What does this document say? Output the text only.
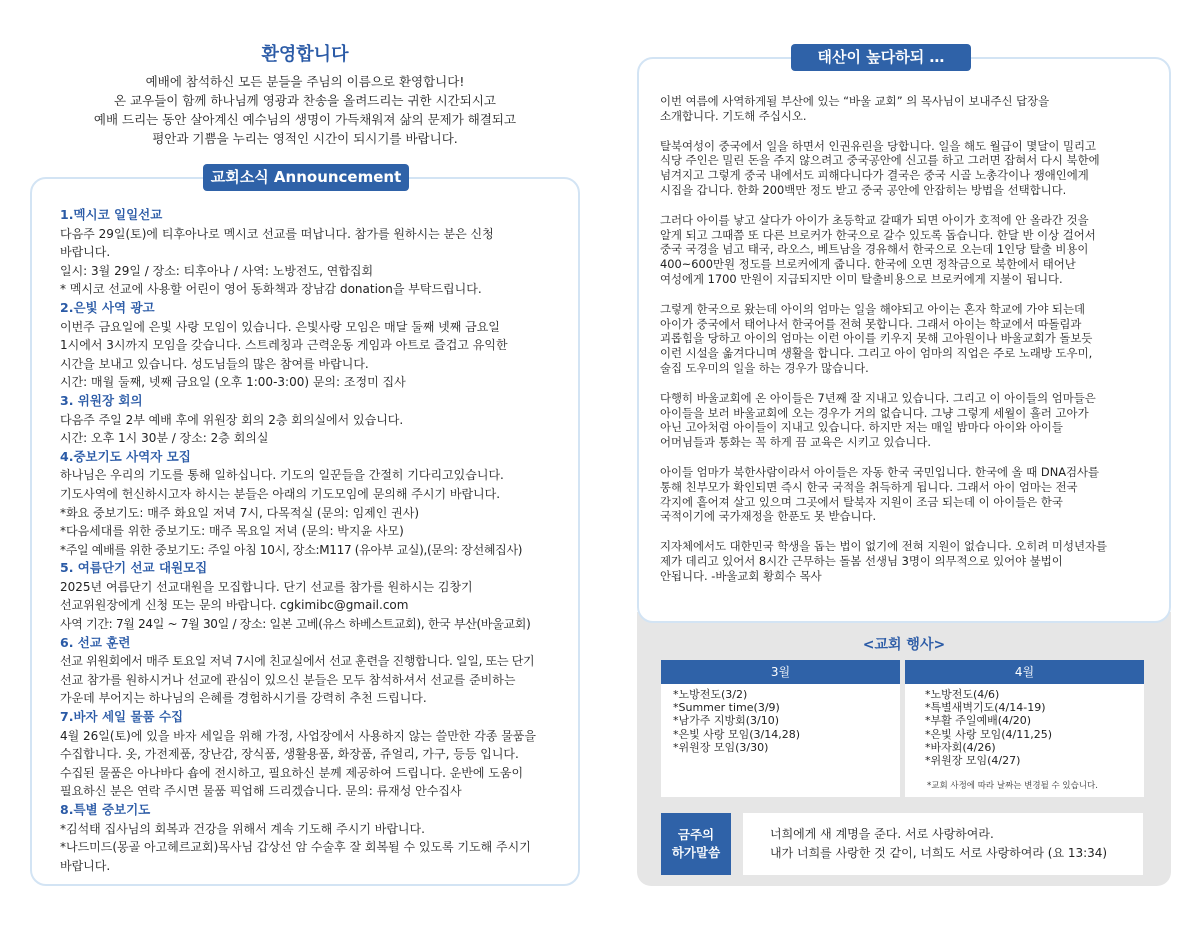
환영합니다
예배에 참석하신 모든 분들을 주님의 이름으로 환영합니다!
온 교우들이 함께 하나님께 영광과 찬송을 올려드리는 귀한 시간되시고
예배 드리는 동안 살아계신 예수님의 생명이 가득채워져 삶의 문제가 해결되고
평안과 기쁨을 누리는 영적인 시간이 되시기를 바랍니다.
교회소식 Announcement
1.멕시코 일일선교
다음주 29일(토)에 티후아나로 멕시코 선교를 떠납니다. 참가를 원하시는 분은 신청
바랍니다.
일시: 3월 29일 / 장소: 티후아나 / 사역: 노방전도, 연합집회
* 멕시코 선교에 사용할 어린이 영어 동화책과 장남감 donation을 부탁드립니다.
2.은빛 사역 광고
이번주 금요일에 은빛 사랑 모임이 있습니다. 은빛사랑 모임은 매달 둘째 넷째 금요일
1시에서 3시까지 모임을 갖습니다. 스트레칭과 근력운동 게임과 아트로 즐겁고 유익한
시간을 보내고 있습니다. 성도님들의 많은 참여를 바랍니다.
시간: 매월 둘째, 넷째 금요일 (오후 1:00-3:00) 문의: 조정미 집사
3. 위원장 회의
다음주 주일 2부 예배 후에 위원장 회의 2층 회의실에서 있습니다.
시간: 오후 1시 30분 / 장소: 2층 회의실
4.중보기도 사역자 모집
하나님은 우리의 기도를 통해 일하십니다. 기도의 일꾼들을 간절히 기다리고있습니다.
기도사역에 헌신하시고자 하시는 분들은 아래의 기도모임에 문의해 주시기 바랍니다.
*화요 중보기도: 매주 화요일 저녁 7시, 다목적실 (문의: 임제인 권사)
*다음세대를 위한 중보기도: 매주 목요일 저녁 (문의: 박지윤 사모)
*주일 예배를 위한 중보기도: 주일 아침 10시, 장소:M117 (유아부 교실),(문의: 장선혜집사)
5. 여름단기 선교 대원모집
2025년 여름단기 선교대원을 모집합니다. 단기 선교를 참가를 원하시는 김창기
선교위원장에게 신청 또는 문의 바랍니다. cgkimibc@gmail.com
사역 기간: 7월 24일 ~ 7월 30일 / 장소: 일본 고베(유스 하베스트교회), 한국 부산(바울교회)
6. 선교 훈련
선교 위원회에서 매주 토요일 저녁 7시에 친교실에서 선교 훈련을 진행합니다. 일일, 또는 단기
선교 참가를 원하시거나 선교에 관심이 있으신 분들은 모두 참석하셔서 선교를 준비하는
가운데 부어지는 하나님의 은혜를 경험하시기를 강력히 추천 드립니다.
7.바자 세일 물품 수집
4월 26일(토)에 있을 바자 세일을 위해 가정, 사업장에서 사용하지 않는 쓸만한 각종 물품을
수집합니다. 옷, 가전제품, 장난감, 장식품, 생활용품, 화장품, 쥬얼리, 가구, 등등 입니다.
수집된 물품은 아나바다 숍에 전시하고, 필요하신 분께 제공하여 드립니다. 운반에 도움이
필요하신 분은 연락 주시면 물품 픽업해 드리겠습니다. 문의: 류재성 안수집사
8.특별 중보기도
*김석태 집사님의 회복과 건강을 위해서 계속 기도해 주시기 바랍니다.
*나드미드(몽골 아고헤르교회)목사님 갑상선 암 수술후 잘 회복될 수 있도록 기도해 주시기
바랍니다.
태산이 높다하되 …
이번 여름에 사역하게될 부산에 있는 “바울 교회” 의 목사님이 보내주신 답장을
소개합니다. 기도해 주십시오.
탈북여성이 중국에서 일을 하면서 인권유린을 당합니다. 일을 해도 월급이 몇달이 밀리고
식당 주인은 밀린 돈을 주지 않으려고 중국공안에 신고를 하고 그러면 잡혀서 다시 북한에
넘겨지고 그렇게 중국 내에서도 피해다니다가 결국은 중국 시골 노총각이나 쟁애인에게
시집을 갑니다. 한화 200백만 정도 받고 중국 공안에 안잡히는 방법을 선택합니다.
그러다 아이를 낳고 살다가 아이가 초등학교 갈때가 되면 아이가 호적에 안 올라간 것을
알게 되고 그때쯤 또 다른 브로커가 한국으로 갈수 있도록 돕습니다. 한달 반 이상 걸어서
중국 국경을 넘고 태국, 라오스, 베트남을 경유해서 한국으로 오는데 1인당 탈출 비용이
400~600만원 정도를 브로커에게 줍니다. 한국에 오면 정착금으로 북한에서 태어난
여성에게 1700 만원이 지급되지만 이미 탈출비용으로 브로커에게 지불이 됩니다.
그렇게 한국으로 왔는데 아이의 엄마는 일을 해야되고 아이는 혼자 학교에 가야 되는데
아이가 중국에서 태어나서 한국어를 전혀 못합니다. 그래서 아이는 학교에서 따돌림과
괴롭힘을 당하고 아이의 엄마는 이런 아이를 키우지 못해 고아원이나 바울교회가 돌보듯
이런 시설을 옮겨다니며 생활을 합니다. 그리고 아이 엄마의 직업은 주로 노래방 도우미,
술집 도우미의 일을 하는 경우가 많습니다.
다행히 바울교회에 온 아이들은 7년째 잘 지내고 있습니다. 그리고 이 아이들의 엄마들은
아이들을 보러 바울교회에 오는 경우가 거의 없습니다. 그냥 그렇게 세월이 흘러 고아가
아닌 고아처럼 아이들이 지내고 있습니다. 하지만 저는 매일 밤마다 아이와 아이들
어머님들과 통화는 꼭 하게 끔 교육은 시키고 있습니다.
아이들 엄마가 북한사람이라서 아이들은 자동 한국 국민입니다. 한국에 올 때 DNA검사를
통해 친부모가 확인되면 즉시 한국 국적을 취득하게 됩니다. 그래서 아이 엄마는 전국
각지에 흩어져 살고 있으며 그곳에서 탈북자 지원이 조금 되는데 이 아이들은 한국
국적이기에 국가재정을 한푼도 못 받습니다.
지자체에서도 대한민국 학생을 돕는 법이 없기에 전혀 지원이 없습니다. 오히려 미성년자를
제가 데리고 있어서 8시간 근무하는 돌봄 선생님 3명이 의무적으로 있어야 불법이
안됩니다. -바울교회 황희수 목사
<교회 행사>
3월
*노방전도(3/2)
*Summer time(3/9)
*남가주 지방회(3/10)
*은빛 사랑 모임(3/14,28)
*위원장 모임(3/30)
4월
*노방전도(4/6)
*특별새벽기도(4/14-19)
*부활 주일예배(4/20)
*은빛 사랑 모임(4/11,25)
*바자회(4/26)
*위원장 모임(4/27)
*교회 사정에 따라 날짜는 변경될 수 있습니다.
금주의
하가말씀
너희에게 새 계명을 준다. 서로 사랑하여라.
내가 너희를 사랑한 것 같이, 너희도 서로 사랑하여라 (요 13:34)
